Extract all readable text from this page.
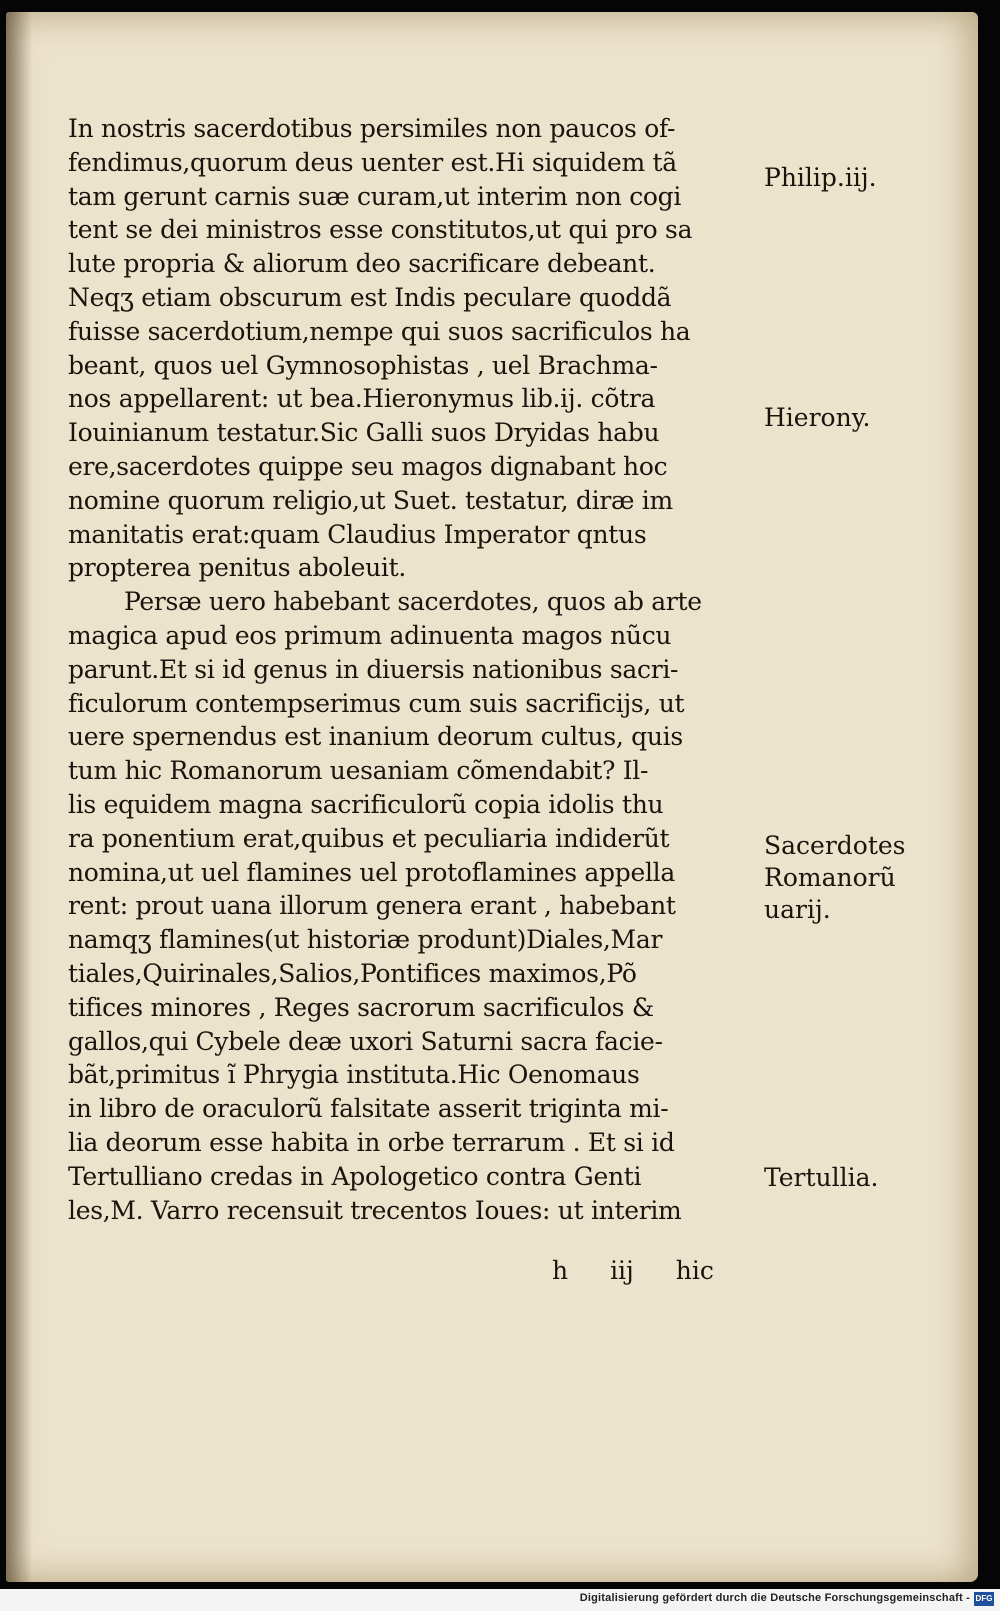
In nostris sacerdotibus persimiles non paucos of-
fendimus,quorum deus uenter est.Hi siquidem tã
tam gerunt carnis suæ curam,ut interim non cogi
tent se dei ministros esse constitutos,ut qui pro sa
lute propria & aliorum deo sacrificare debeant.
Neqʒ etiam obscurum est Indis peculare quoddã
fuisse sacerdotium,nempe qui suos sacrificulos ha
beant, quos uel Gymnosophistas , uel Brachma-
nos appellarent: ut bea.Hieronymus lib.ij. cõtra
Iouinianum testatur.Sic Galli suos Dryidas habu
ere,sacerdotes quippe seu magos dignabant hoc
nomine quorum religio,ut Suet. testatur, diræ im
manitatis erat:quam Claudius Imperator qntus
propterea penitus aboleuit.
Persæ uero habebant sacerdotes, quos ab arte
magica apud eos primum adinuenta magos nũcu
parunt.Et si id genus in diuersis nationibus sacri-
ficulorum contempserimus cum suis sacrificijs, ut
uere spernendus est inanium deorum cultus, quis
tum hic Romanorum uesaniam cõmendabit? Il-
lis equidem magna sacrificulorũ copia idolis thu
ra ponentium erat,quibus et peculiaria indiderũt
nomina,ut uel flamines uel protoflamines appella
rent: prout uana illorum genera erant , habebant
namqʒ flamines(ut historiæ produnt)Diales,Mar
tiales,Quirinales,Salios,Pontifices maximos,Põ
tifices minores , Reges sacrorum sacrificulos &
gallos,qui Cybele deæ uxori Saturni sacra facie-
bãt,primitus ĩ Phrygia instituta.Hic Oenomaus
in libro de oraculorũ falsitate asserit triginta mi-
lia deorum esse habita in orbe terrarum . Et si id
Tertulliano credas in Apologetico contra Genti
les,M. Varro recensuit trecentos Ioues: ut interim
h iij hic
Philip.iij.
Hierony.
Sacerdotes
Romanorũ
uarij.
Tertullia.
Digitalisierung gefördert durch die Deutsche Forschungsgemeinschaft - DFG
